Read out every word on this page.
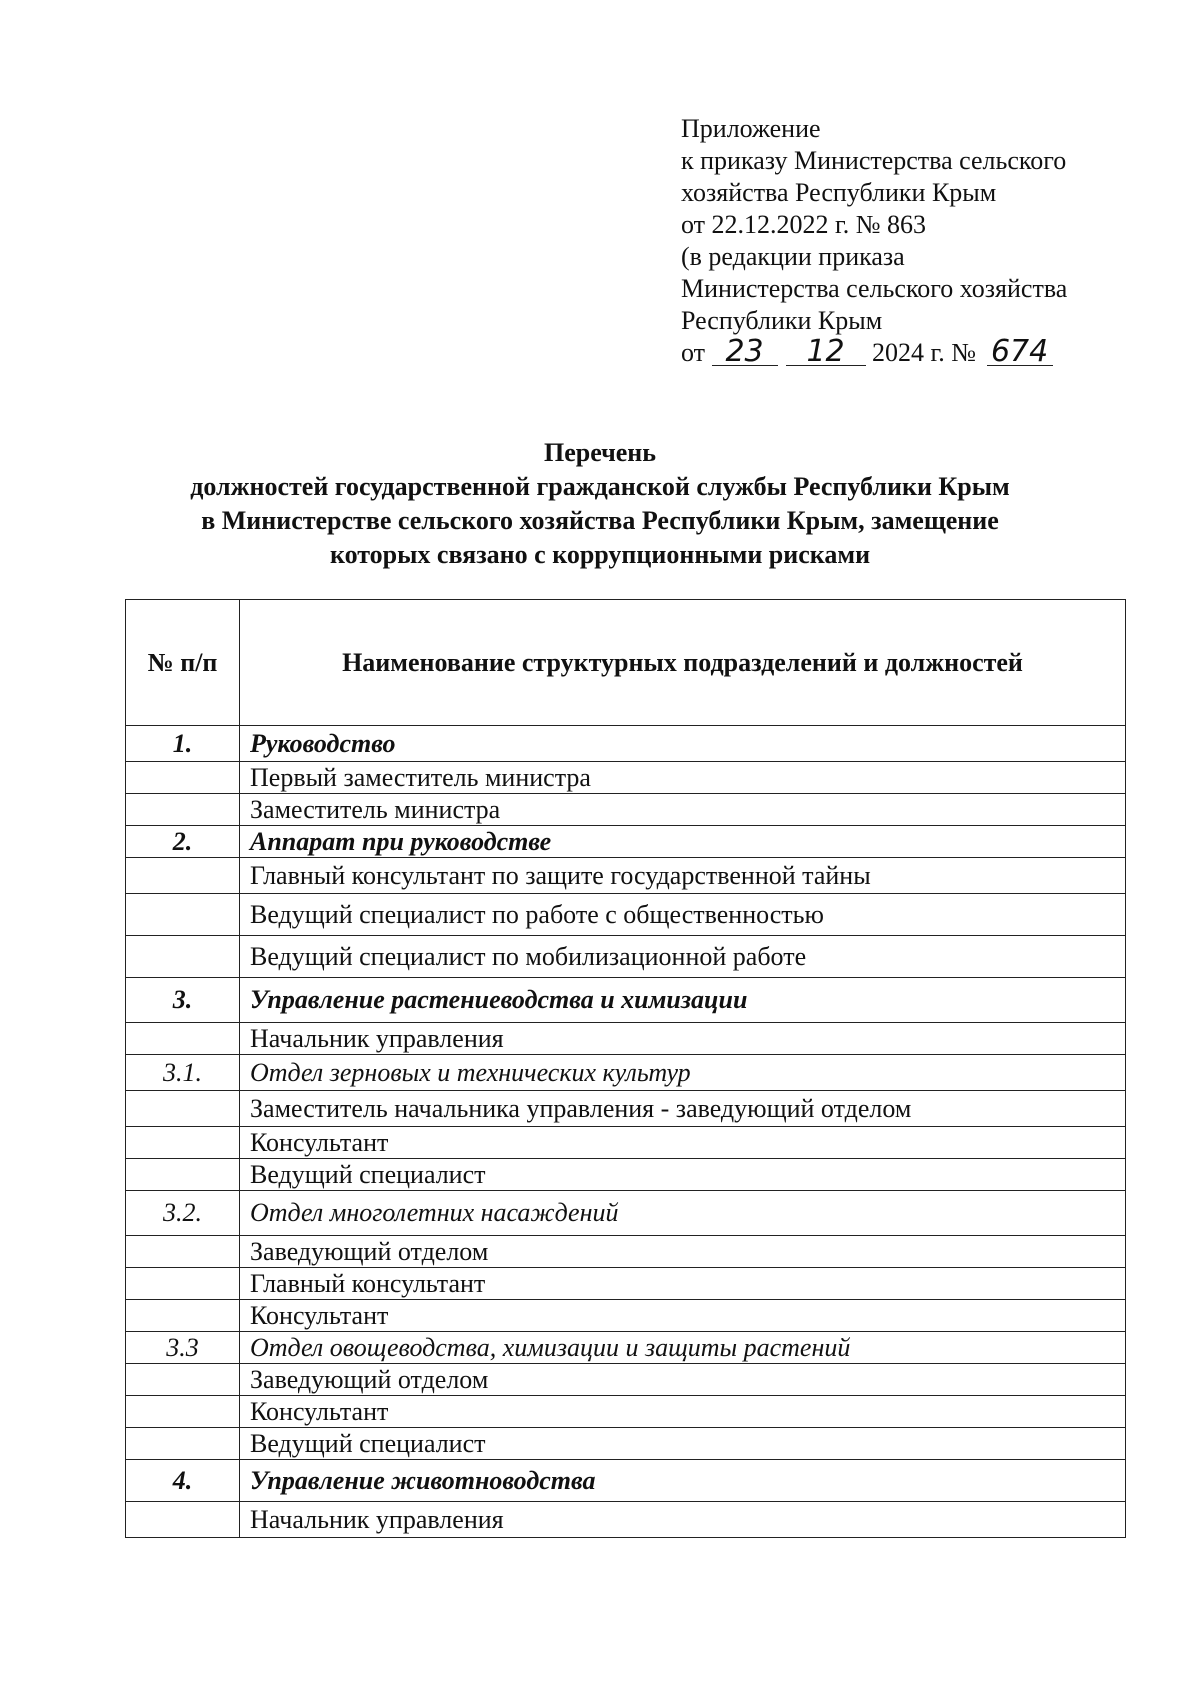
Приложение
к приказу Министерства сельского
хозяйства Республики Крым
от 22.12.2022 г. № 863
(в редакции приказа
Министерства сельского хозяйства
Республики Крым
от 23 12 2024 г. № 674
Перечень
должностей государственной гражданской службы Республики Крым
в Министерстве сельского хозяйства Республики Крым, замещение
которых связано с коррупционными рисками
№ п/п	Наименование структурных подразделений и должностей
1.	Руководство
	Первый заместитель министра
	Заместитель министра
2.	Аппарат при руководстве
	Главный консультант по защите государственной тайны
	Ведущий специалист по работе с общественностью
	Ведущий специалист по мобилизационной работе
3.	Управление растениеводства и химизации
	Начальник управления
3.1.	Отдел зерновых и технических культур
	Заместитель начальника управления - заведующий отделом
	Консультант
	Ведущий специалист
3.2.	Отдел многолетних насаждений
	Заведующий отделом
	Главный консультант
	Консультант
3.3	Отдел овощеводства, химизации и защиты растений
	Заведующий отделом
	Консультант
	Ведущий специалист
4.	Управление животноводства
	Начальник управления
